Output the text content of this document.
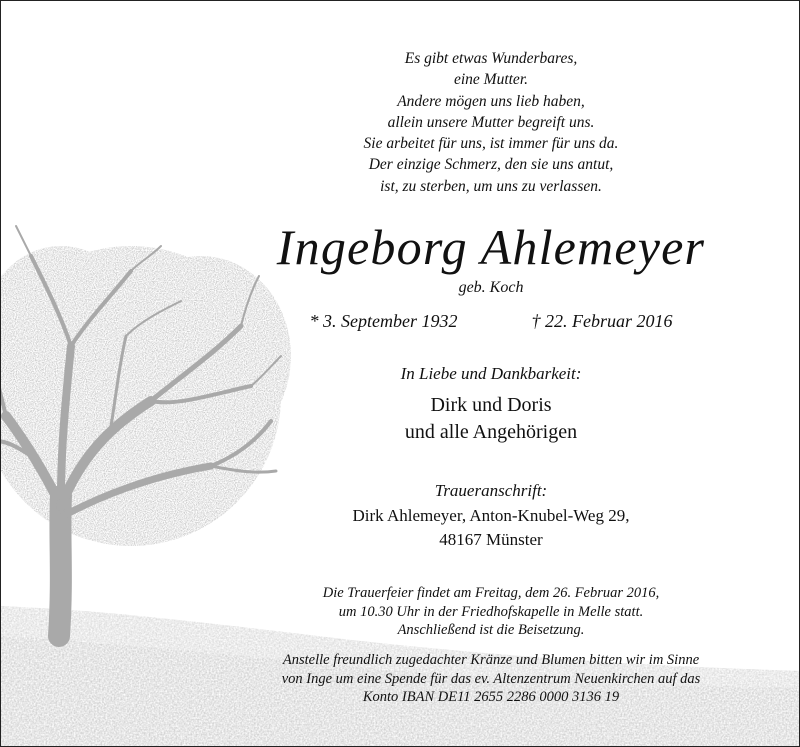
Es gibt etwas Wunderbares,
eine Mutter.
Andere mögen uns lieb haben,
allein unsere Mutter begreift uns.
Sie arbeitet für uns, ist immer für uns da.
Der einzige Schmerz, den sie uns antut,
ist, zu sterben, um uns zu verlassen.
Ingeborg Ahlemeyer
geb. Koch
* 3. September 1932	† 22. Februar 2016
In Liebe und Dankbarkeit:
Dirk und Doris
und alle Angehörigen
Traueranschrift:
Dirk Ahlemeyer, Anton-Knubel-Weg 29,
48167 Münster
Die Trauerfeier findet am Freitag, dem 26. Februar 2016,
um 10.30 Uhr in der Friedhofskapelle in Melle statt.
Anschließend ist die Beisetzung.
Anstelle freundlich zugedachter Kränze und Blumen bitten wir im Sinne
von Inge um eine Spende für das ev. Altenzentrum Neuenkirchen auf das
Konto IBAN DE11 2655 2286 0000 3136 19
